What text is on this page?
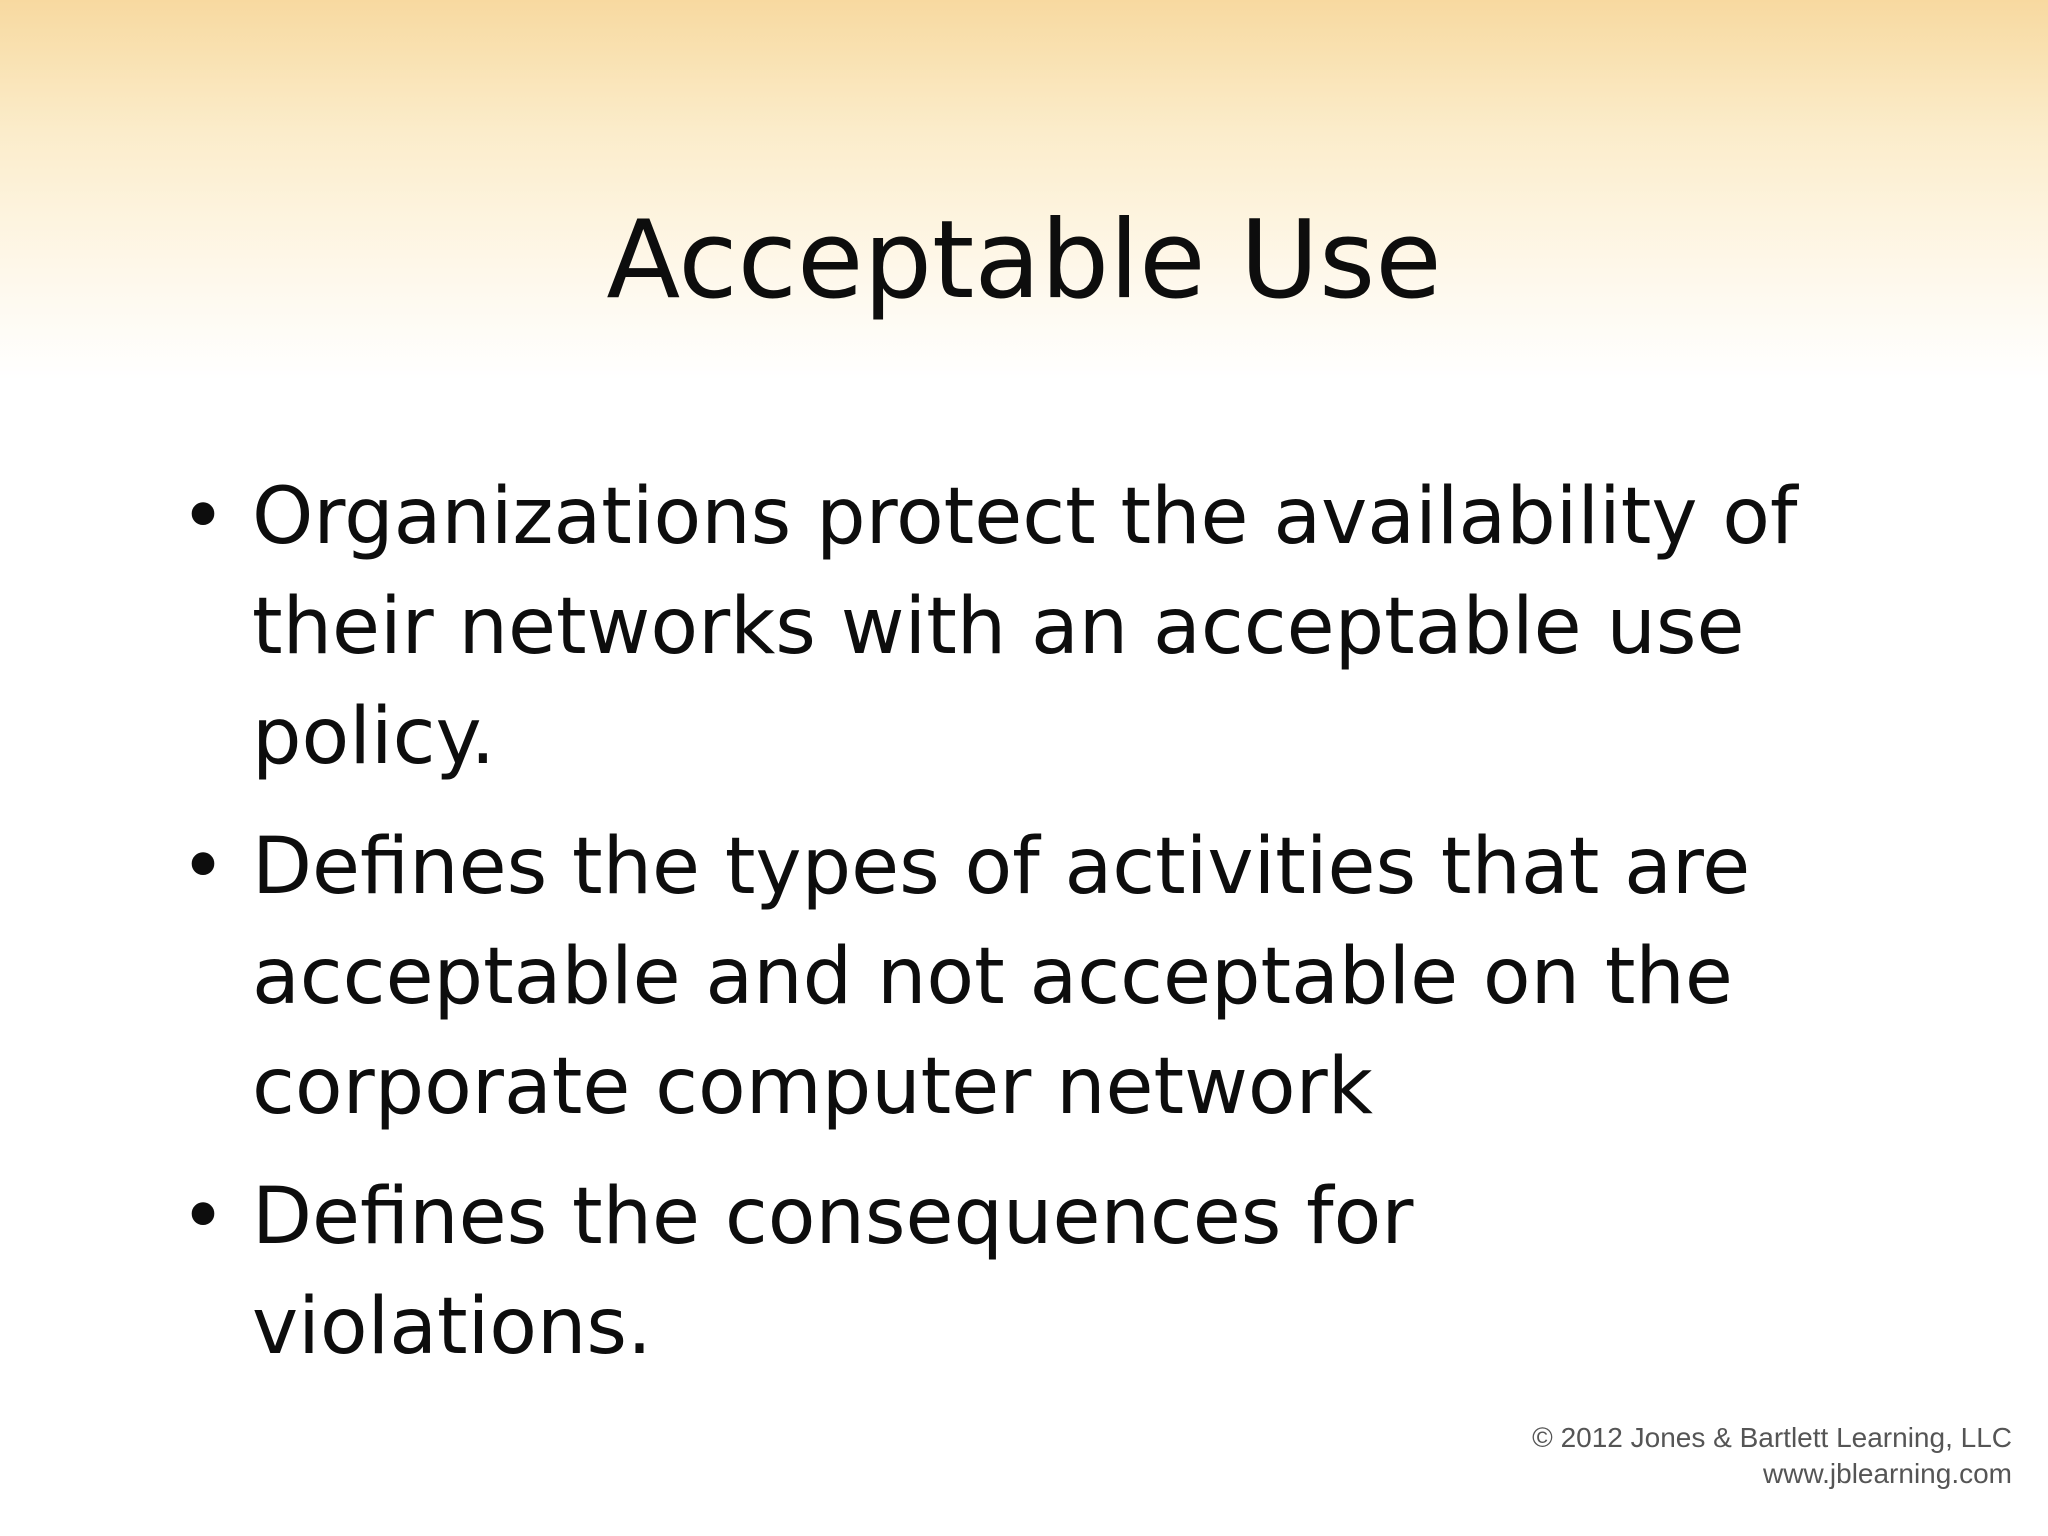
Acceptable Use
• Organizations protect the availability of their networks with an acceptable use policy.
• Defines the types of activities that are acceptable and not acceptable on the corporate computer network
• Defines the consequences for violations.
© 2012 Jones & Bartlett Learning, LLC
www.jblearning.com
